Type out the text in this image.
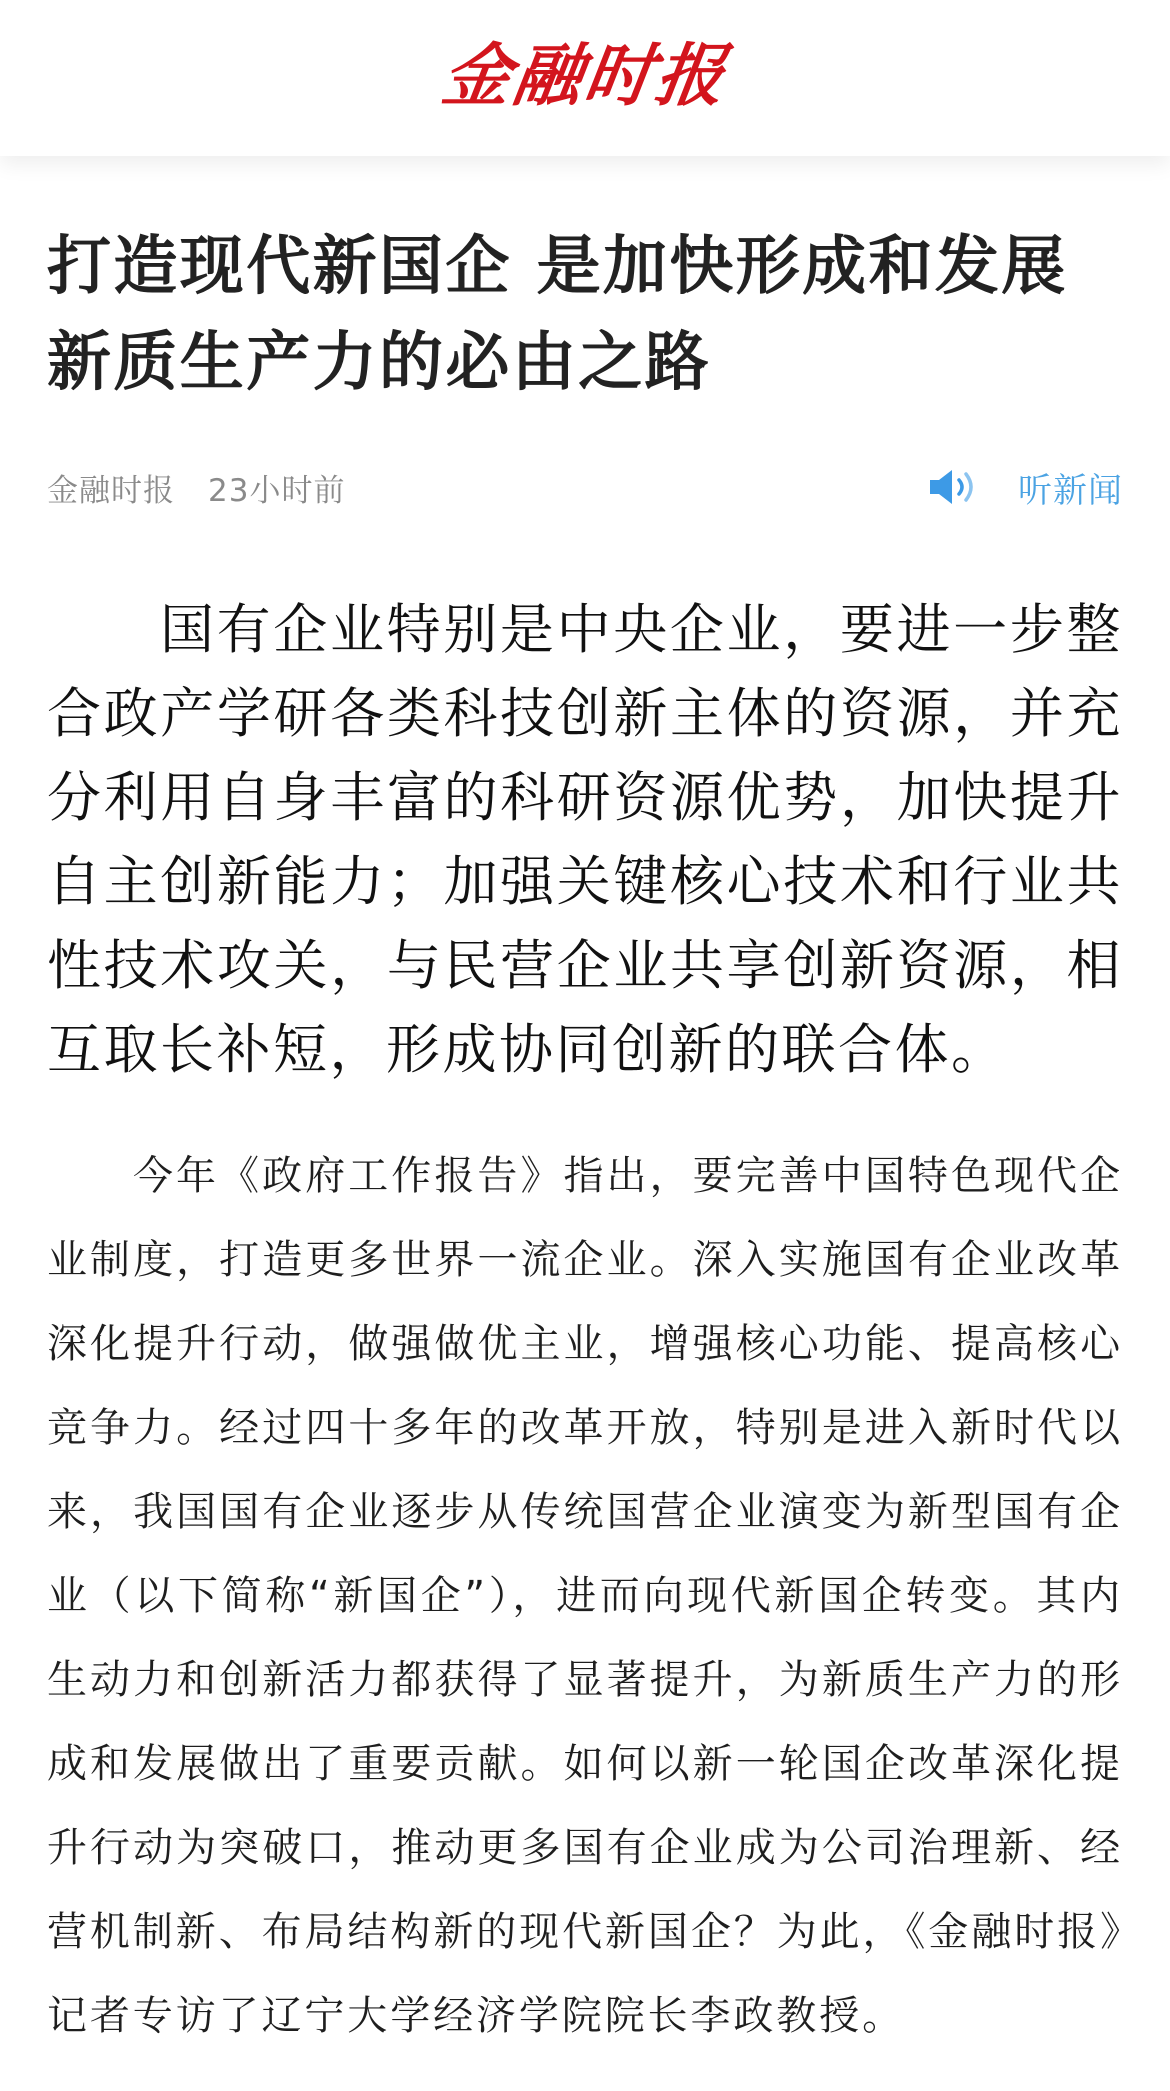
金融时报
打造现代新国企 是加快形成和发展新质生产力的必由之路
金融时报 23小时前	听新闻

国有企业特别是中央企业，要进一步整合政产学研各类科技创新主体的资源，并充分利用自身丰富的科研资源优势，加快提升自主创新能力；加强关键核心技术和行业共性技术攻关，与民营企业共享创新资源，相互取长补短，形成协同创新的联合体。

今年《政府工作报告》指出，要完善中国特色现代企业制度，打造更多世界一流企业。深入实施国有企业改革深化提升行动，做强做优主业，增强核心功能、提高核心竞争力。经过四十多年的改革开放，特别是进入新时代以来，我国国有企业逐步从传统国营企业演变为新型国有企业（以下简称“新国企”），进而向现代新国企转变。其内生动力和创新活力都获得了显著提升，为新质生产力的形成和发展做出了重要贡献。如何以新一轮国企改革深化提升行动为突破口，推动更多国有企业成为公司治理新、经营机制新、布局结构新的现代新国企？为此，《金融时报》记者专访了辽宁大学经济学院院长李政教授。
